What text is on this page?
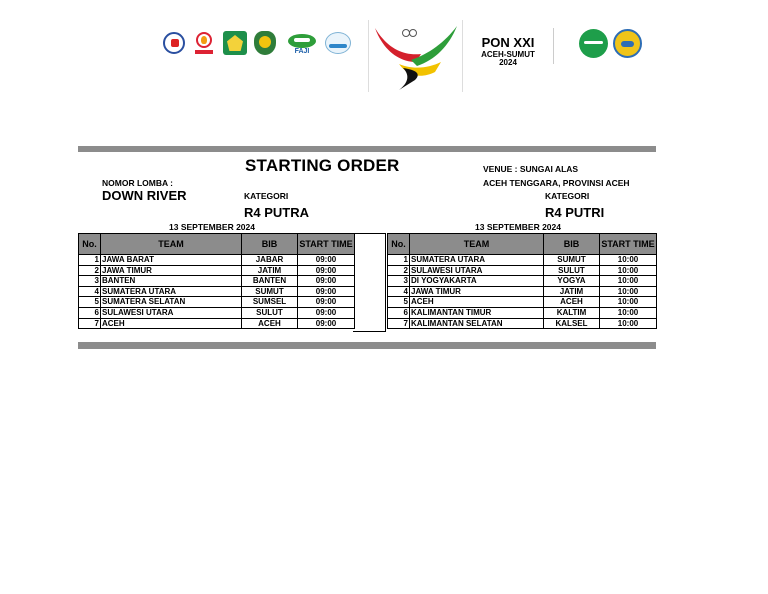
FAJI
PON XXI
ACEH-SUMUT
2024
STARTING ORDER	VENUE : SUNGAI ALAS
ACEH TENGGARA, PROVINSI ACEH
NOMOR LOMBA :
DOWN RIVER	KATEGORI	KATEGORI
R4 PUTRA	R4 PUTRI
13 SEPTEMBER 2024	13 SEPTEMBER 2024
No.	TEAM	BIB	START TIME
1	JAWA BARAT	JABAR	09:00
2	JAWA TIMUR	JATIM	09:00
3	BANTEN	BANTEN	09:00
4	SUMATERA UTARA	SUMUT	09:00
5	SUMATERA SELATAN	SUMSEL	09:00
6	SULAWESI UTARA	SULUT	09:00
7	ACEH	ACEH	09:00
No.	TEAM	BIB	START TIME
1	SUMATERA UTARA	SUMUT	10:00
2	SULAWESI UTARA	SULUT	10:00
3	DI YOGYAKARTA	YOGYA	10:00
4	JAWA TIMUR	JATIM	10:00
5	ACEH	ACEH	10:00
6	KALIMANTAN TIMUR	KALTIM	10:00
7	KALIMANTAN SELATAN	KALSEL	10:00
